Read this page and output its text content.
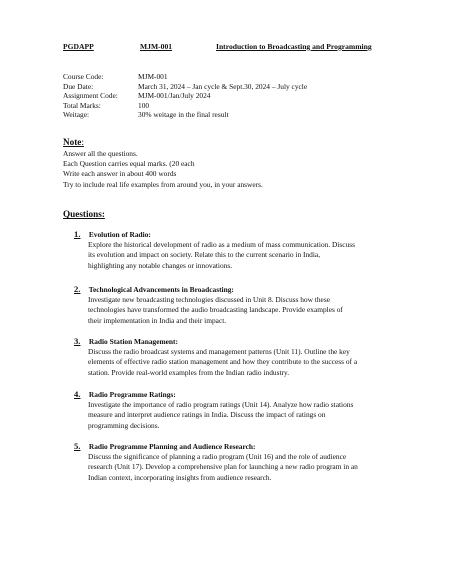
PGDAPP	MJM-001	Introduction to Broadcasting and Programming
Course Code:	MJM-001
Due Date:	March 31, 2024 – Jan cycle & Sept.30, 2024 – July cycle
Assignment Code:	MJM-001/Jan/July 2024
Total Marks:	100
Weitage:	30% weitage in the final result
Note:
Answer all the questions.
Each Question carries equal marks. (20 each
Write each answer in about 400 words
Try to include real life examples from around you, in your answers.
Questions:
1. Evolution of Radio:
Explore the historical development of radio as a medium of mass communication. Discuss
its evolution and impact on society. Relate this to the current scenario in India,
highlighting any notable changes or innovations.
2. Technological Advancements in Broadcasting:
Investigate new broadcasting technologies discussed in Unit 8. Discuss how these
technologies have transformed the audio broadcasting landscape. Provide examples of
their implementation in India and their impact.
3. Radio Station Management:
Discuss the radio broadcast systems and management patterns (Unit 11). Outline the key
elements of effective radio station management and how they contribute to the success of a
station. Provide real-world examples from the Indian radio industry.
4. Radio Programme Ratings:
Investigate the importance of radio program ratings (Unit 14). Analyze how radio stations
measure and interpret audience ratings in India. Discuss the impact of ratings on
programming decisions.
5. Radio Programme Planning and Audience Research:
Discuss the significance of planning a radio program (Unit 16) and the role of audience
research (Unit 17). Develop a comprehensive plan for launching a new radio program in an
Indian context, incorporating insights from audience research.
